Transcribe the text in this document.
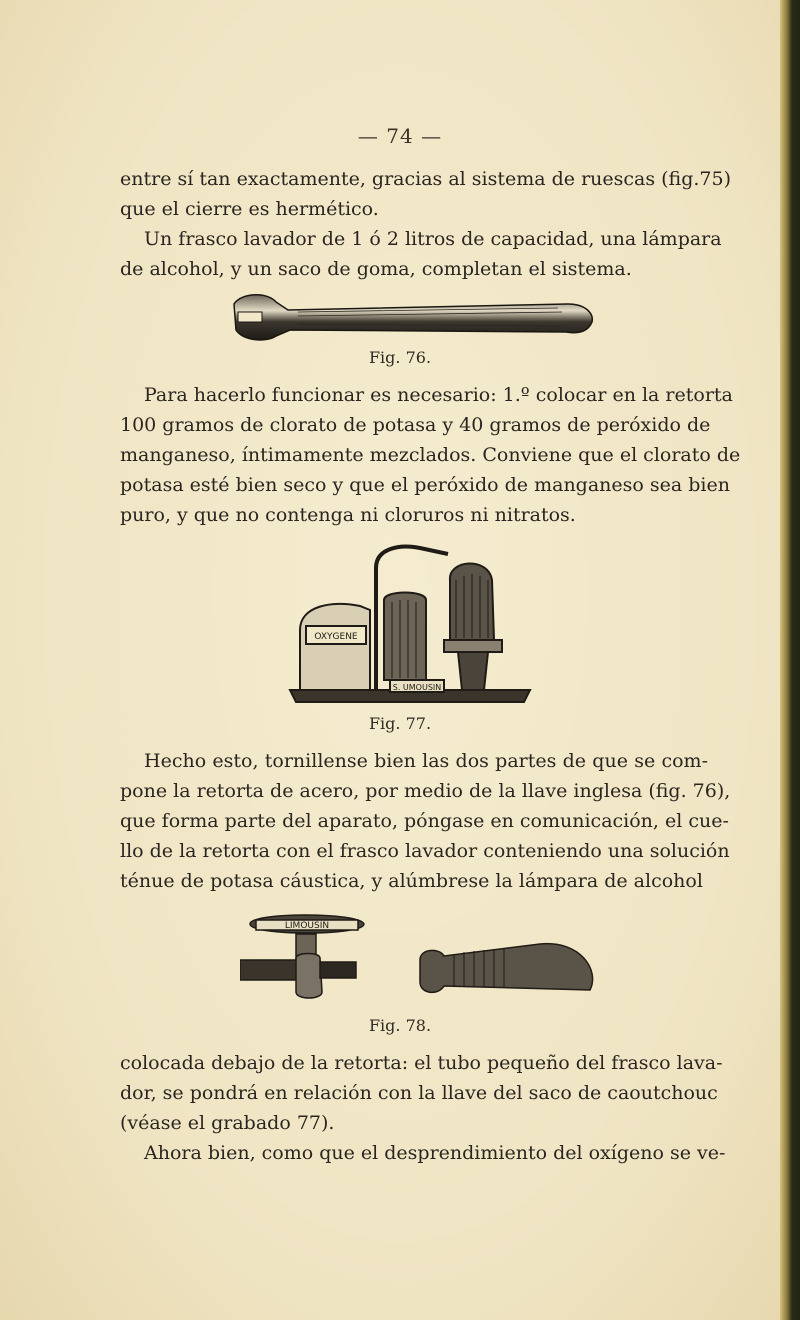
— 74 —
entre sí tan exactamente, gracias al sistema de ruescas (fig.75)
que el cierre es hermético.
Un frasco lavador de 1 ó 2 litros de capacidad, una lámpara
de alcohol, y un saco de goma, completan el sistema.
Fig. 76.
Para hacerlo funcionar es necesario: 1.º colocar en la retorta
100 gramos de clorato de potasa y 40 gramos de peróxido de
manganeso, íntimamente mezclados. Conviene que el clorato de
potasa esté bien seco y que el peróxido de manganeso sea bien
puro, y que no contenga ni cloruros ni nitratos.
OXYGENE
S. UMOUSIN
Fig. 77.
Hecho esto, tornillense bien las dos partes de que se com-
pone la retorta de acero, por medio de la llave inglesa (fig. 76),
que forma parte del aparato, póngase en comunicación, el cue-
llo de la retorta con el frasco lavador conteniendo una solución
ténue de potasa cáustica, y alúmbrese la lámpara de alcohol
LIMOUSIN
Fig. 78.
colocada debajo de la retorta: el tubo pequeño del frasco lava-
dor, se pondrá en relación con la llave del saco de caoutchouc
(véase el grabado 77).
Ahora bien, como que el desprendimiento del oxígeno se ve-
